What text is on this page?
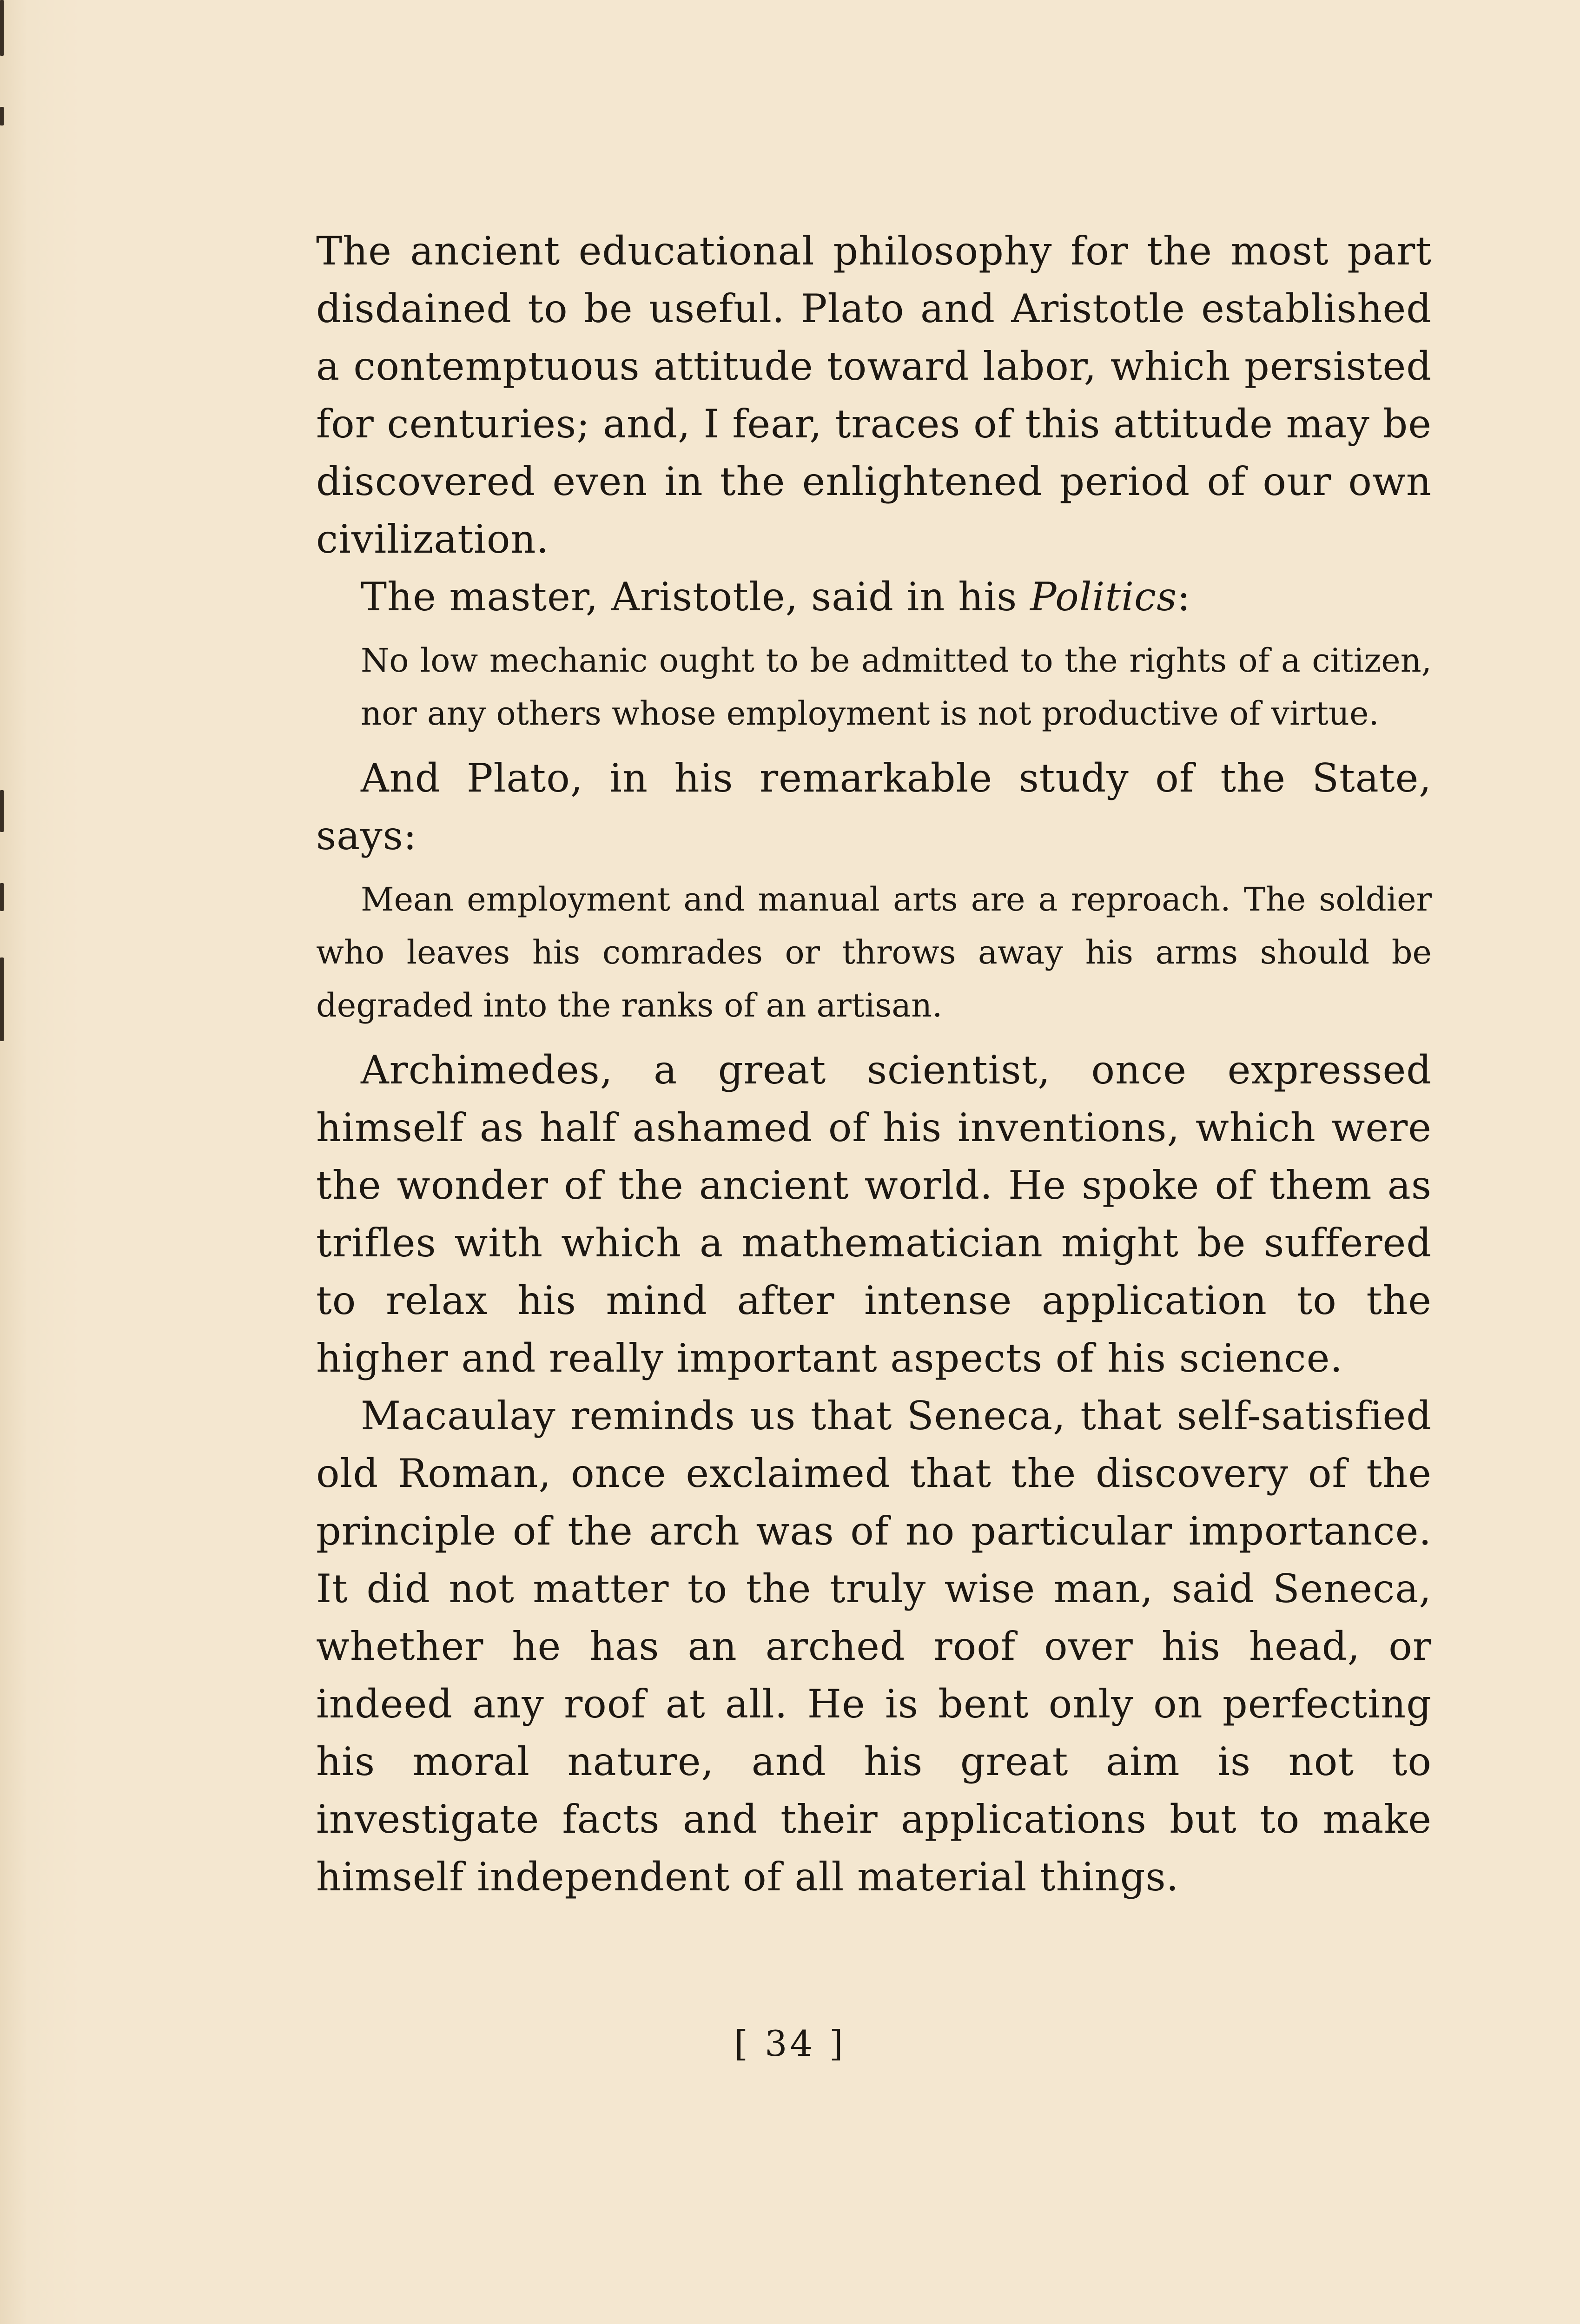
The ancient educational philosophy for the most part disdained to be useful. Plato and Aristotle established a contemptuous attitude toward labor, which persisted for centuries; and, I fear, traces of this attitude may be discovered even in the enlightened period of our own civilization.

The master, Aristotle, said in his Politics:

No low mechanic ought to be admitted to the rights of a citizen, nor any others whose employment is not productive of virtue.

And Plato, in his remarkable study of the State, says:

Mean employment and manual arts are a reproach. The soldier who leaves his comrades or throws away his arms should be degraded into the ranks of an artisan.

Archimedes, a great scientist, once expressed himself as half ashamed of his inventions, which were the wonder of the ancient world. He spoke of them as trifles with which a mathematician might be suffered to relax his mind after intense application to the higher and really important aspects of his science.

Macaulay reminds us that Seneca, that self-satisfied old Roman, once exclaimed that the discovery of the principle of the arch was of no particular importance. It did not matter to the truly wise man, said Seneca, whether he has an arched roof over his head, or indeed any roof at all. He is bent only on perfecting his moral nature, and his great aim is not to investigate facts and their applications but to make himself independent of all material things.

[ 34 ]
